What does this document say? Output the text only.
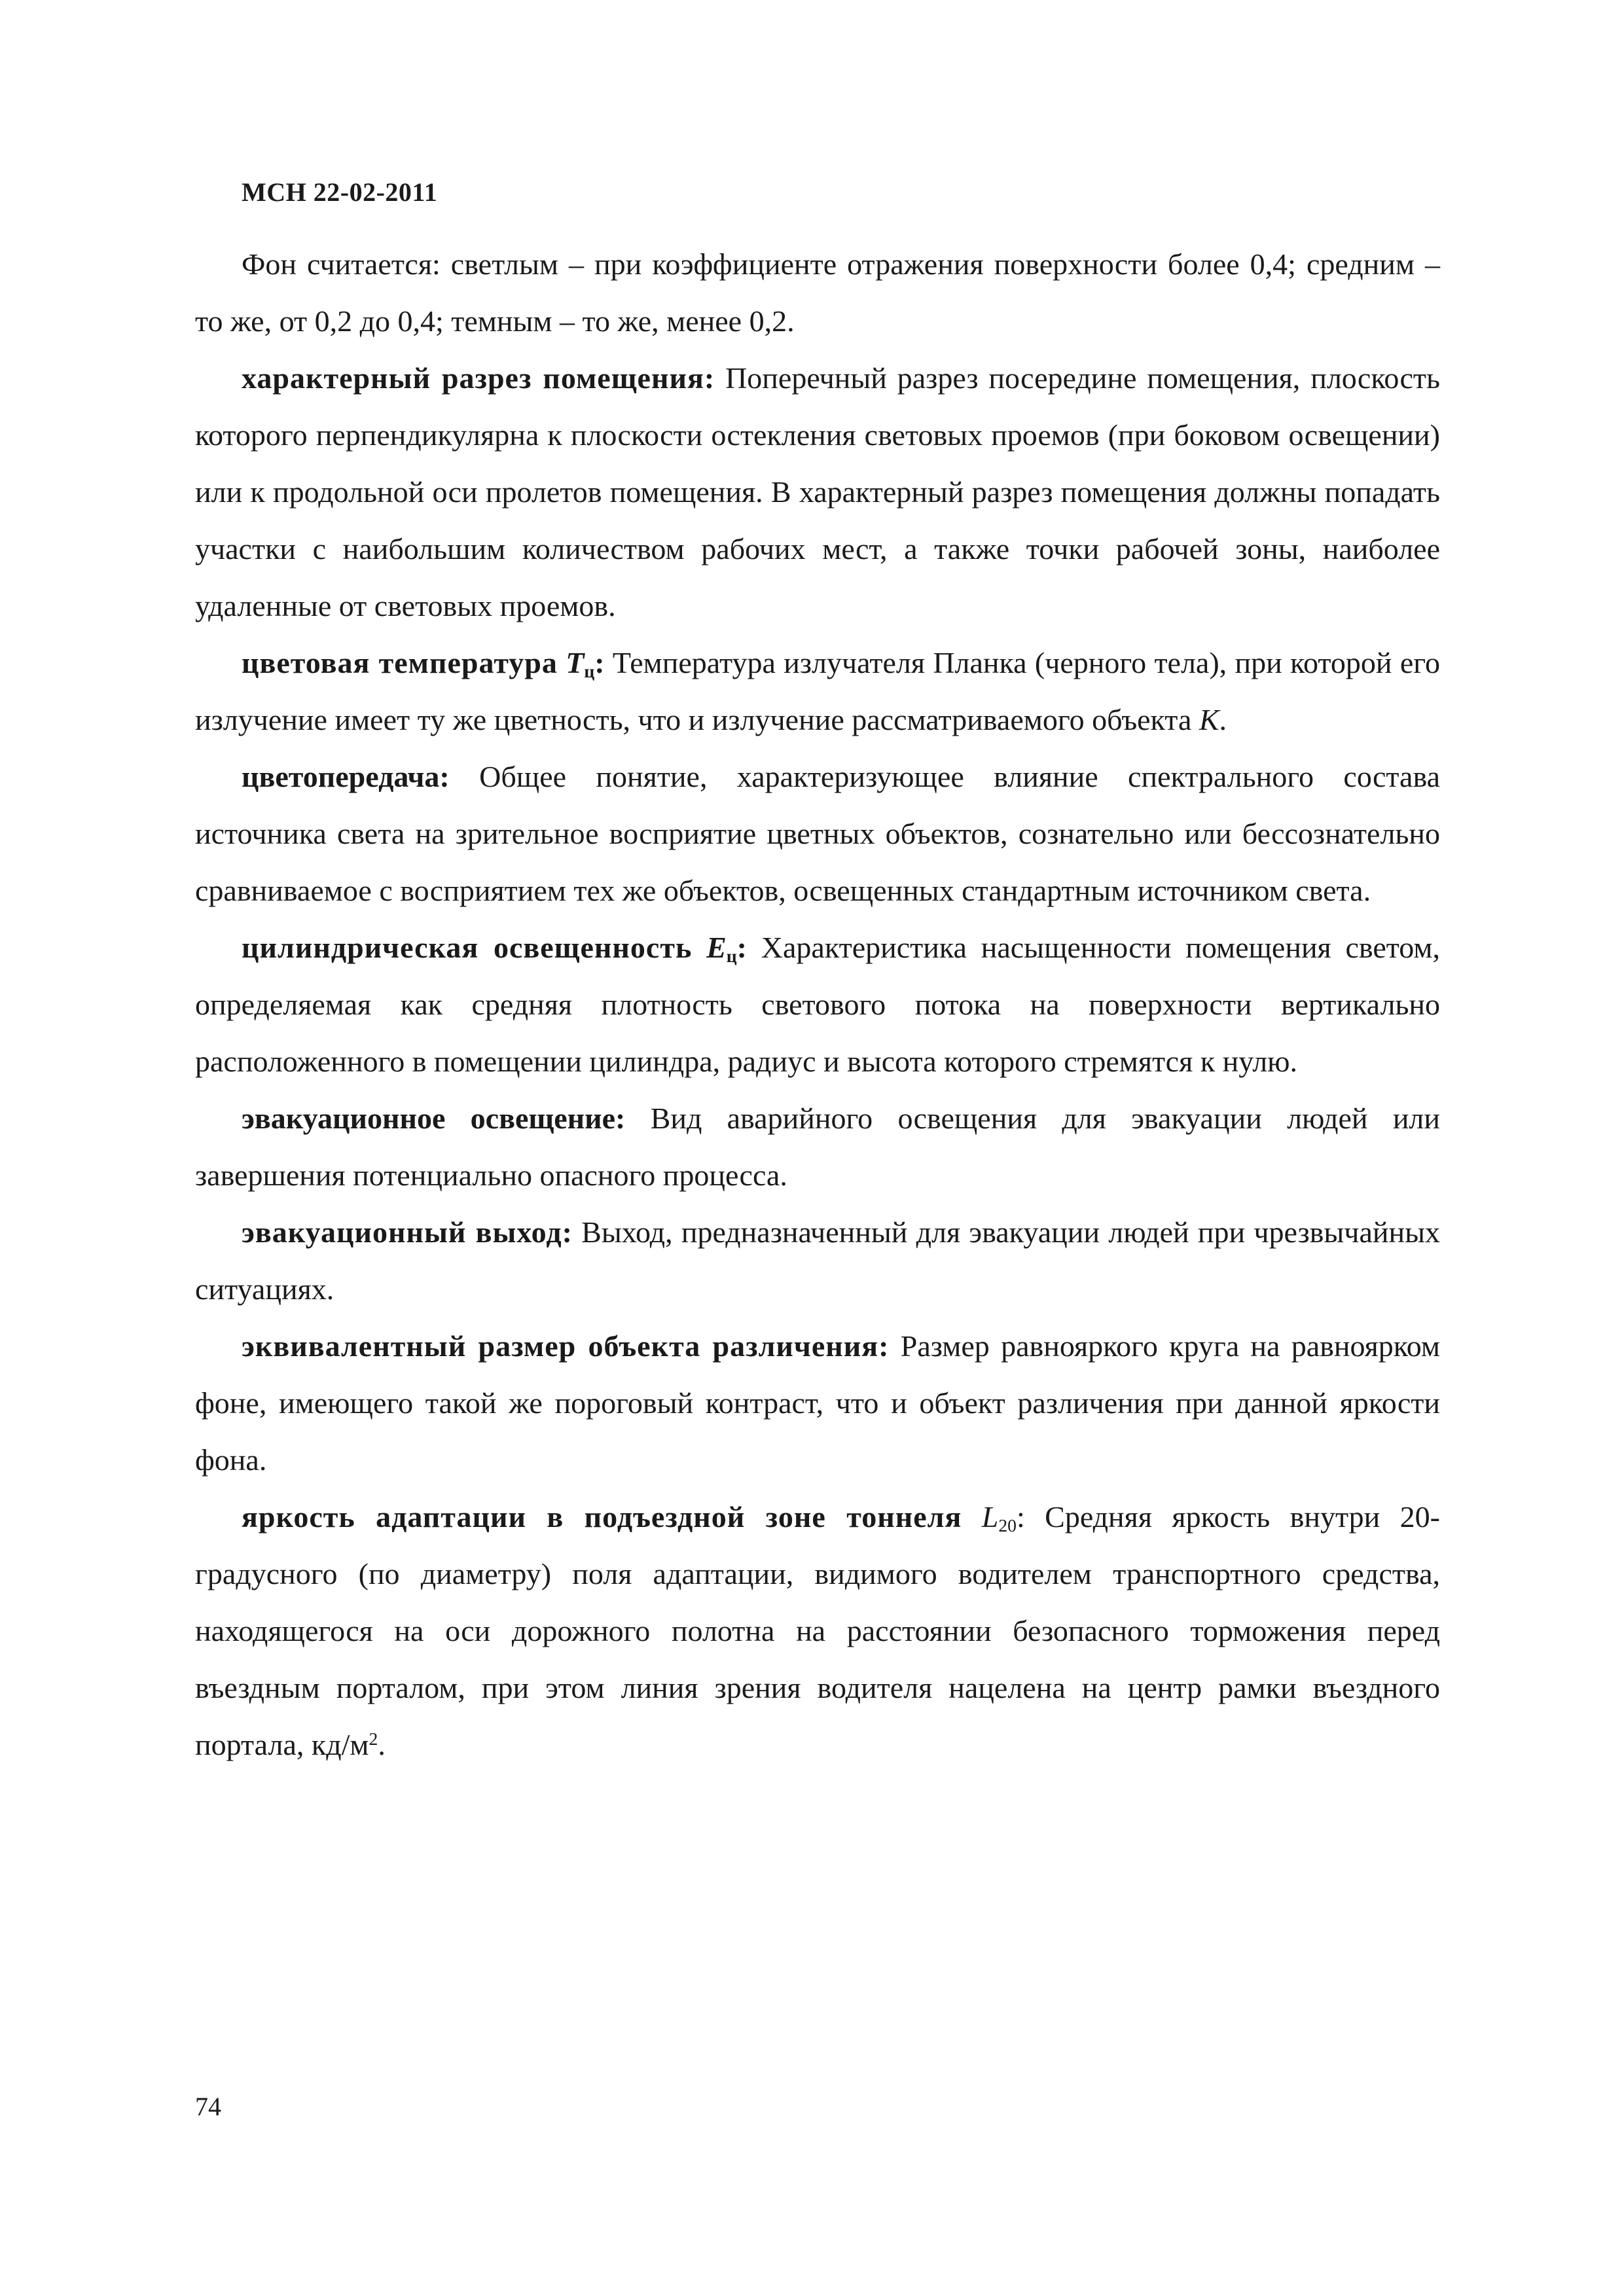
МСН 22-02-2011

Фон считается: светлым – при коэффициенте отражения поверхности более 0,4; средним – то же, от 0,2 до 0,4; темным – то же, менее 0,2.

характерный разрез помещения: Поперечный разрез посередине помещения, плоскость которого перпендикулярна к плоскости остекления световых проемов (при боковом освещении) или к продольной оси пролетов помещения. В характерный разрез помещения должны попадать участки с наибольшим количеством рабочих мест, а также точки рабочей зоны, наиболее удаленные от световых проемов.

цветовая температура $T_ц$: Температура излучателя Планка (черного тела), при которой его излучение имеет ту же цветность, что и излучение рассматриваемого объекта K.

цветопередача: Общее понятие, характеризующее влияние спектрального состава источника света на зрительное восприятие цветных объектов, сознательно или бессознательно сравниваемое с восприятием тех же объектов, освещенных стандартным источником света.

цилиндрическая освещенность $E_ц$: Характеристика насыщенности помещения светом, определяемая как средняя плотность светового потока на поверхности вертикально расположенного в помещении цилиндра, радиус и высота которого стремятся к нулю.

эвакуационное освещение: Вид аварийного освещения для эвакуации людей или завершения потенциально опасного процесса.

эвакуационный выход: Выход, предназначенный для эвакуации людей при чрезвычайных ситуациях.

эквивалентный размер объекта различения: Размер равнояркого круга на равноярком фоне, имеющего такой же пороговый контраст, что и объект различения при данной яркости фона.

яркость адаптации в подъездной зоне тоннеля $L_{20}$: Средняя яркость внутри 20-градусного (по диаметру) поля адаптации, видимого водителем транспортного средства, находящегося на оси дорожного полотна на расстоянии безопасного торможения перед въездным порталом, при этом линия зрения водителя нацелена на центр рамки въездного портала, $кд/м^2$.

74
